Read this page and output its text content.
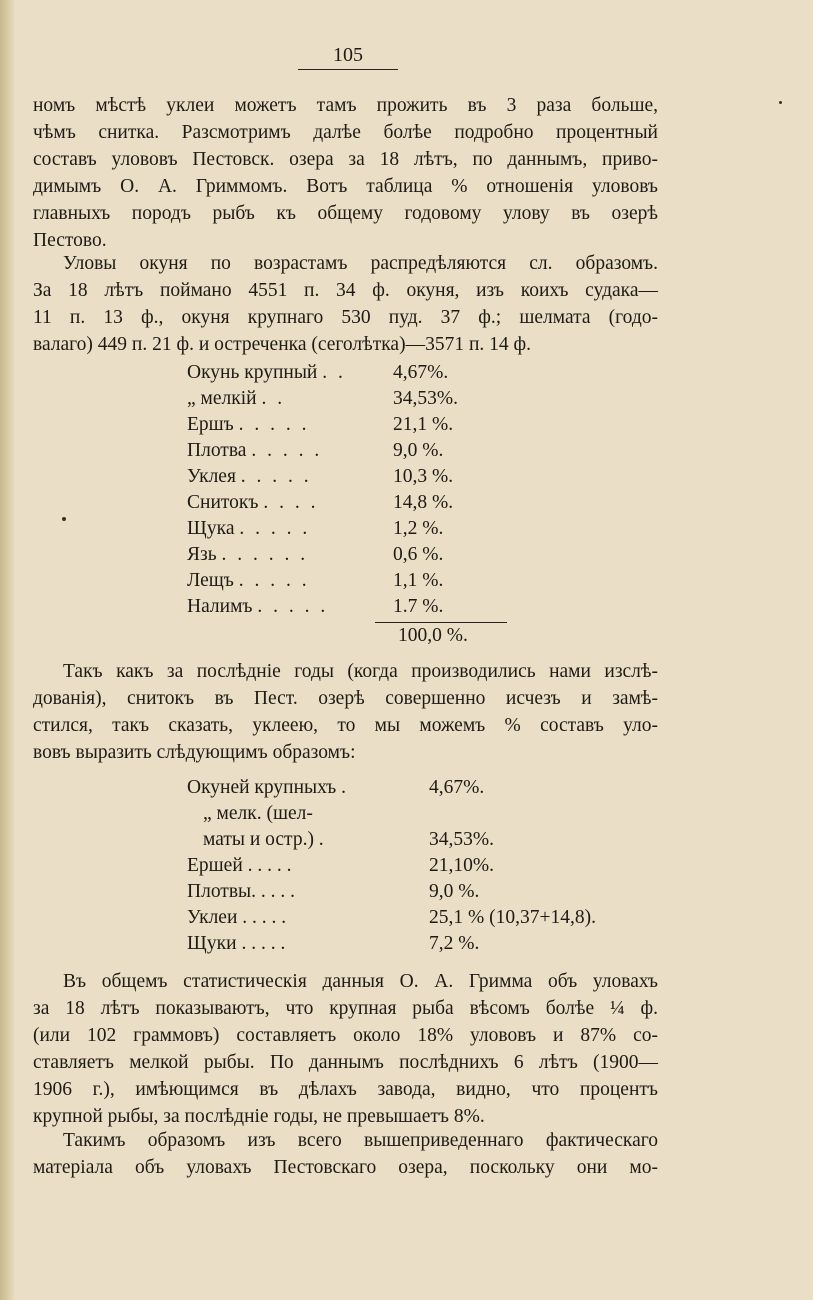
105
номъ мѣстѣ уклеи можетъ тамъ прожить въ 3 раза больше,
чѣмъ снитка. Разсмотримъ далѣе болѣе подробно процентный
составъ улововъ Пестовск. озера за 18 лѣтъ, по даннымъ, приво-
димымъ О. А. Гриммомъ. Вотъ таблица % отношенія улововъ
главныхъ породъ рыбъ къ общему годовому улову въ озерѣ
Пестово.
Уловы окуня по возрастамъ распредѣляются сл. образомъ.
За 18 лѣтъ поймано 4551 п. 34 ф. окуня, изъ коихъ судака—
11 п. 13 ф., окуня крупнаго 530 пуд. 37 ф.; шелмата (годо-
валаго) 449 п. 21 ф. и остреченка (сеголѣтка)—3571 п. 14 ф.
Окунь крупный . .	4,67%.
„ мелкій . .	34,53%.
Ершъ . . . . .	21,1 %.
Плотва . . . . .	9,0 %.
Уклея . . . . .	10,3 %.
Снитокъ . . . .	14,8 %.
Щука . . . . .	1,2 %.
Язь . . . . . .	0,6 %.
Лещъ . . . . .	1,1 %.
Налимъ . . . . .	1.7 %.
100,0 %.
Такъ какъ за послѣдніе годы (когда производились нами изслѣ-
дованія), снитокъ въ Пест. озерѣ совершенно исчезъ и замѣ-
стился, такъ сказать, уклеею, то мы можемъ % составъ уло-
вовъ выразить слѣдующимъ образомъ:
Окуней крупныхъ .	4,67%.
„ мелк. (шел-	
маты и остр.) .	34,53%.
Ершей . . . . .	21,10%.
Плотвы. . . . .	9,0 %.
Уклеи . . . . .	25,1 % (10,37+14,8).
Щуки . . . . .	7,2 %.
Въ общемъ статистическія данныя О. А. Гримма объ уловахъ
за 18 лѣтъ показываютъ, что крупная рыба вѣсомъ болѣе ¼ ф.
(или 102 граммовъ) составляетъ около 18% улововъ и 87% со-
ставляетъ мелкой рыбы. По даннымъ послѣднихъ 6 лѣтъ (1900—
1906 г.), имѣющимся въ дѣлахъ завода, видно, что процентъ
крупной рыбы, за послѣдніе годы, не превышаетъ 8%.
Такимъ образомъ изъ всего вышеприведеннаго фактическаго
матеріала объ уловахъ Пестовскаго озера, поскольку они мо-
